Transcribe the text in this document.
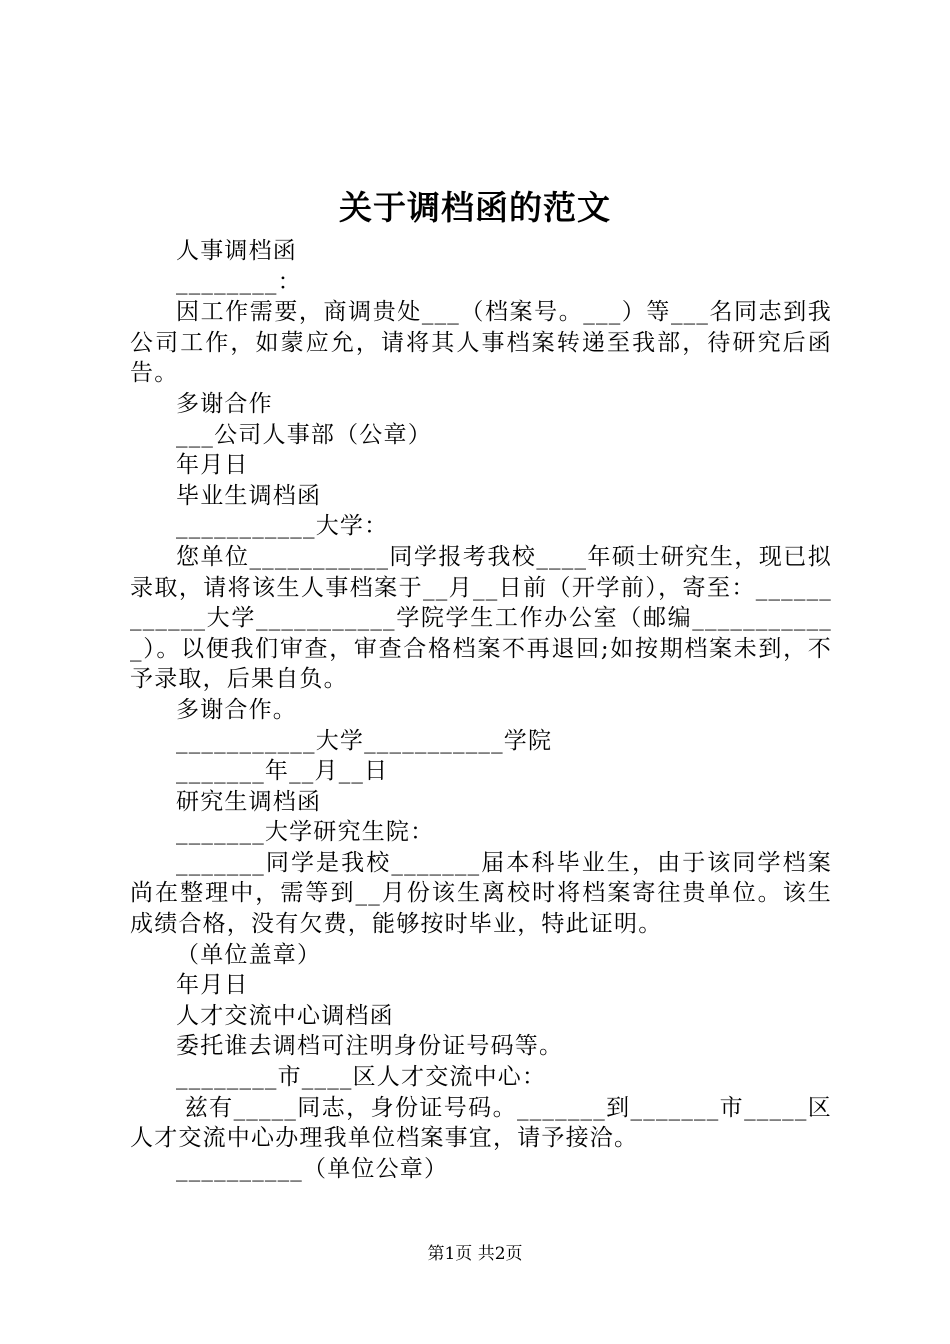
关于调档函的范文

人事调档函

________：

因工作需要，商调贵处___（档案号。___）等___名同志到我公司工作，如蒙应允，请将其人事档案转递至我部，待研究后函告。

多谢合作

___公司人事部（公章）

年月日

毕业生调档函

___________大学：

您单位___________同学报考我校____年硕士研究生，现已拟录取，请将该生人事档案于__月__日前（开学前），寄至：____________大学___________学院学生工作办公室（邮编____________）。以便我们审查，审查合格档案不再退回;如按期档案未到，不予录取，后果自负。

多谢合作。

___________大学___________学院

_______年__月__日

研究生调档函

_______大学研究生院：

_______同学是我校_______届本科毕业生，由于该同学档案尚在整理中，需等到__月份该生离校时将档案寄往贵单位。该生成绩合格，没有欠费，能够按时毕业，特此证明。

（单位盖章）

年月日

人才交流中心调档函

委托谁去调档可注明身份证号码等。

________市____区人才交流中心：

兹有_____同志，身份证号码。_______到_______市_____区人才交流中心办理我单位档案事宜，请予接洽。

__________（单位公章）

第1页 共2页
